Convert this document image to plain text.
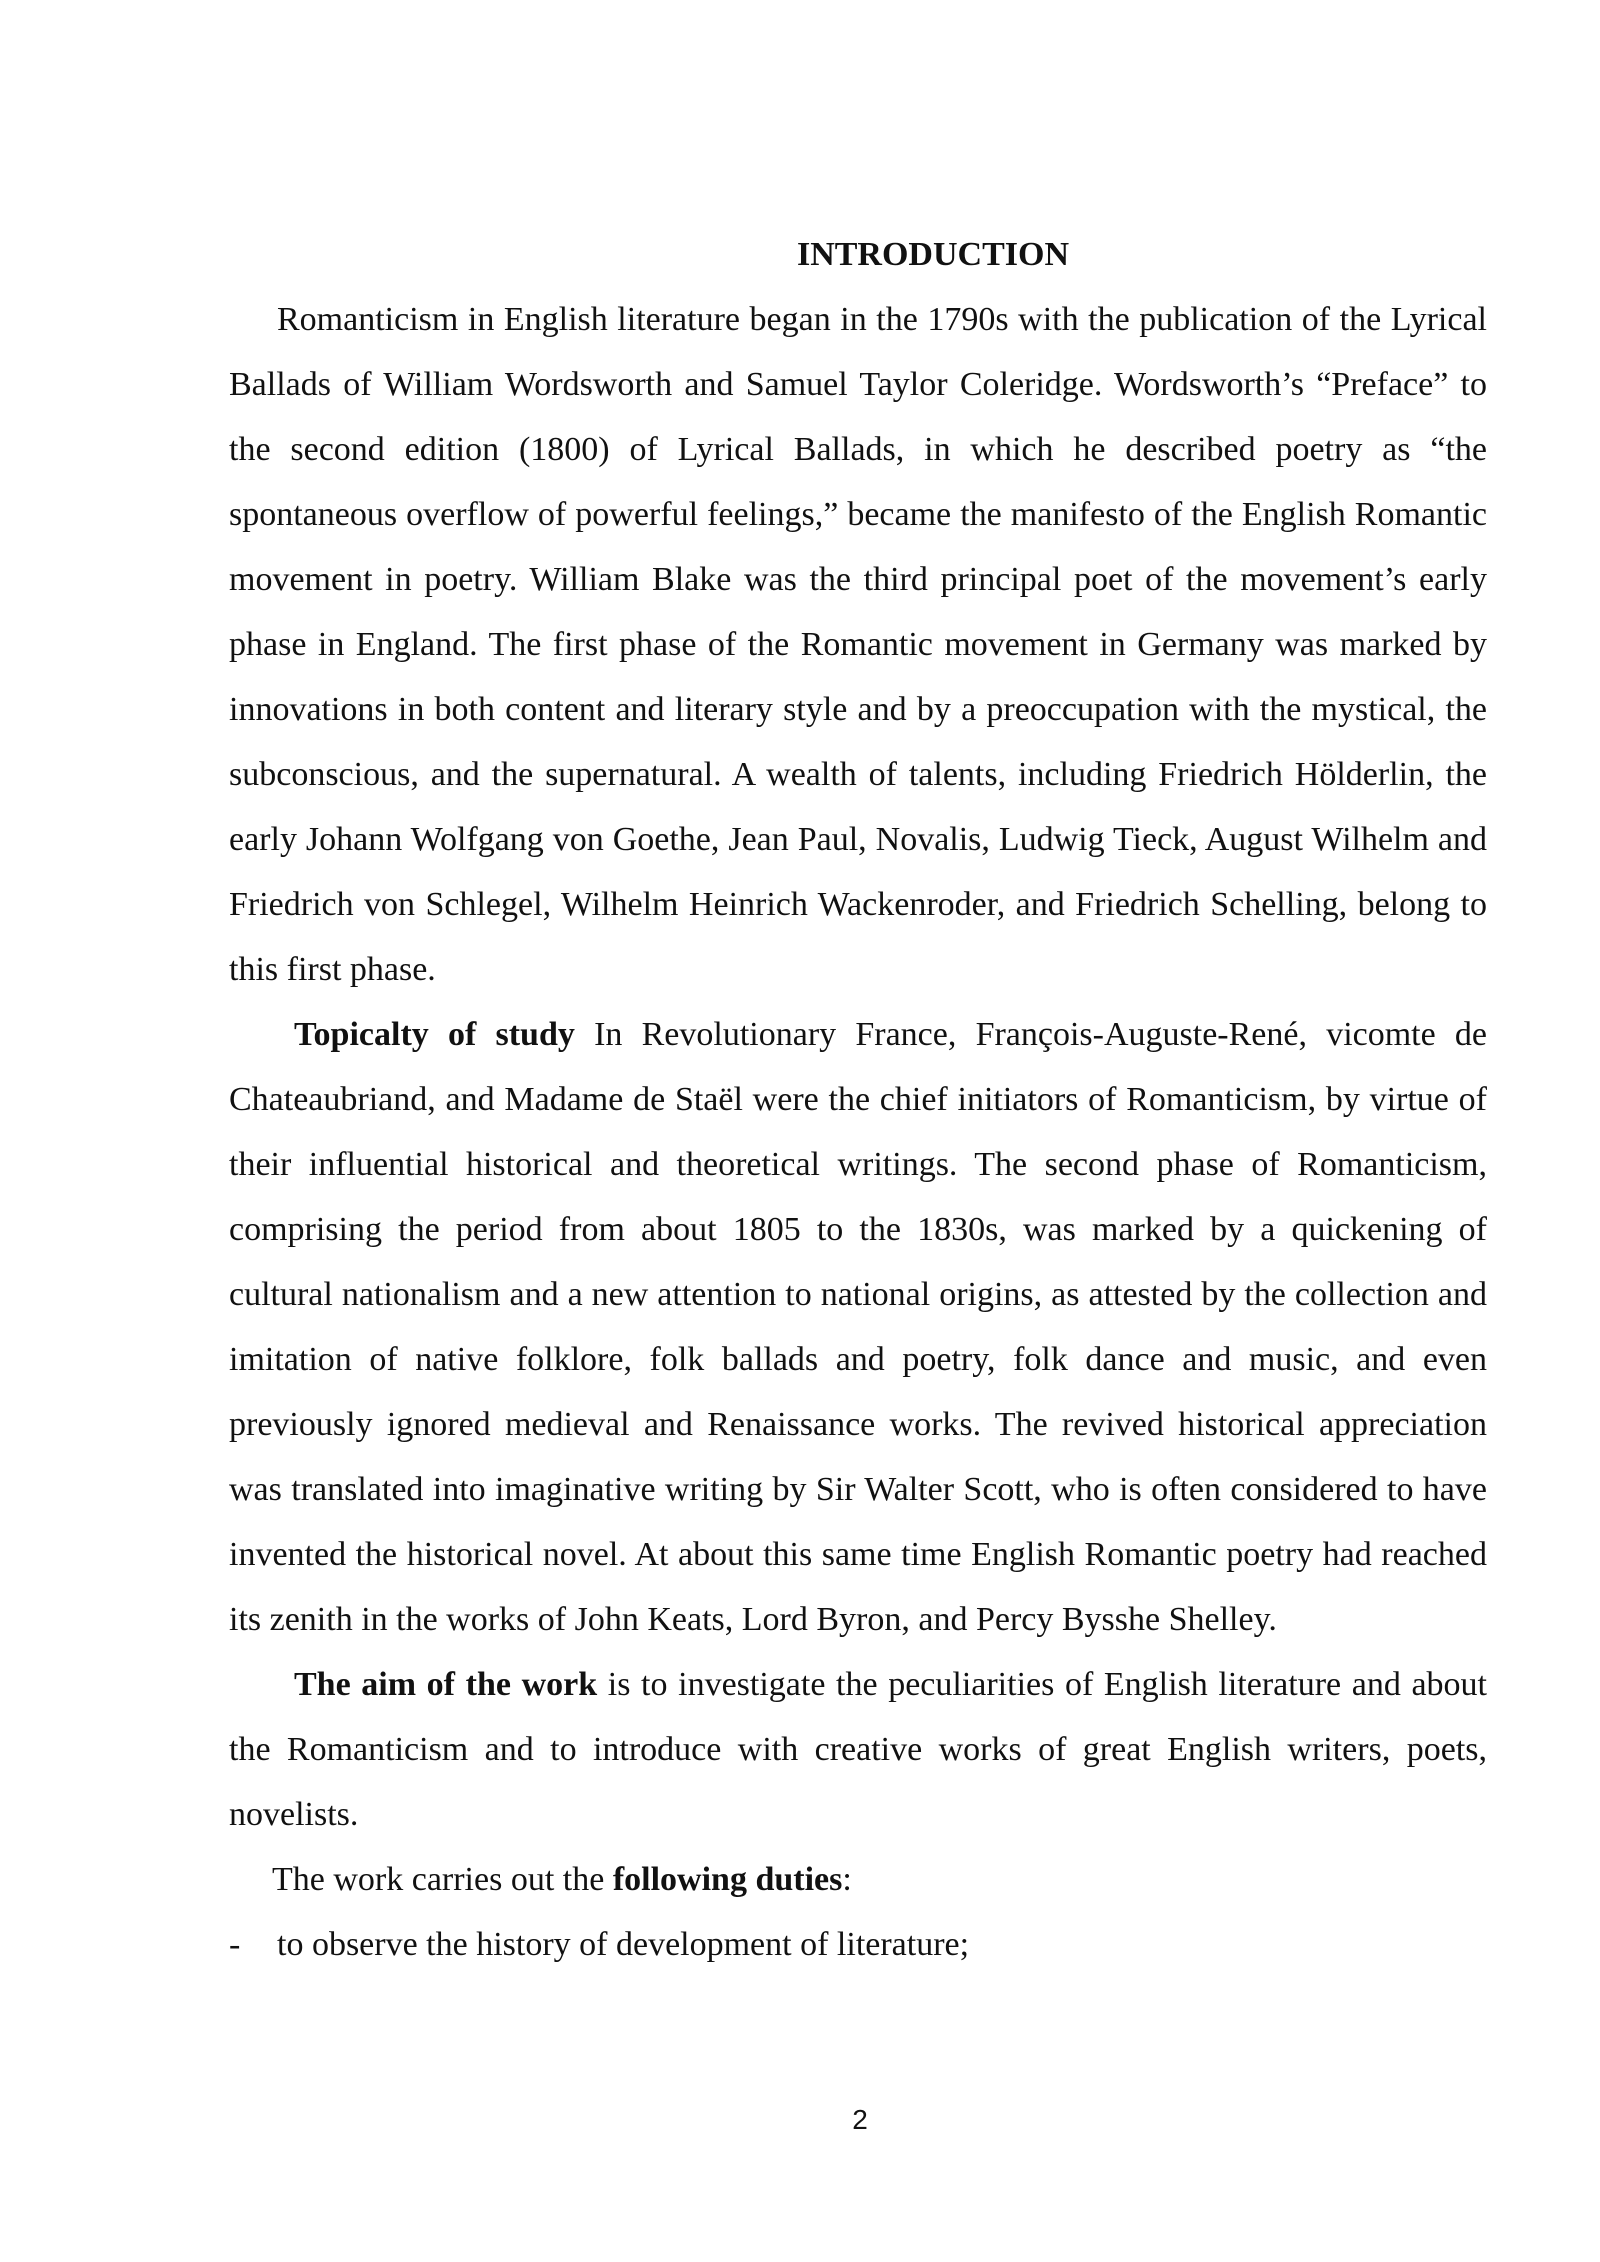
INTRODUCTION

Romanticism in English literature began in the 1790s with the publication of the Lyrical Ballads of William Wordsworth and Samuel Taylor Coleridge. Wordsworth’s “Preface” to the second edition (1800) of Lyrical Ballads, in which he described poetry as “the spontaneous overflow of powerful feelings,” became the manifesto of the English Romantic movement in poetry. William Blake was the third principal poet of the movement’s early phase in England. The first phase of the Romantic movement in Germany was marked by innovations in both content and literary style and by a preoccupation with the mystical, the subconscious, and the supernatural. A wealth of talents, including Friedrich Hölderlin, the early Johann Wolfgang von Goethe, Jean Paul, Novalis, Ludwig Tieck, August Wilhelm and Friedrich von Schlegel, Wilhelm Heinrich Wackenroder, and Friedrich Schelling, belong to this first phase.

Topicalty of study In Revolutionary France, François-Auguste-René, vicomte de Chateaubriand, and Madame de Staël were the chief initiators of Romanticism, by virtue of their influential historical and theoretical writings. The second phase of Romanticism, comprising the period from about 1805 to the 1830s, was marked by a quickening of cultural nationalism and a new attention to national origins, as attested by the collection and imitation of native folklore, folk ballads and poetry, folk dance and music, and even previously ignored medieval and Renaissance works. The revived historical appreciation was translated into imaginative writing by Sir Walter Scott, who is often considered to have invented the historical novel. At about this same time English Romantic poetry had reached its zenith in the works of John Keats, Lord Byron, and Percy Bysshe Shelley.

The aim of the work is to investigate the peculiarities of English literature and about the Romanticism and to introduce with creative works of great English writers, poets, novelists.

The work carries out the following duties:

- to observe the history of development of literature;
2
